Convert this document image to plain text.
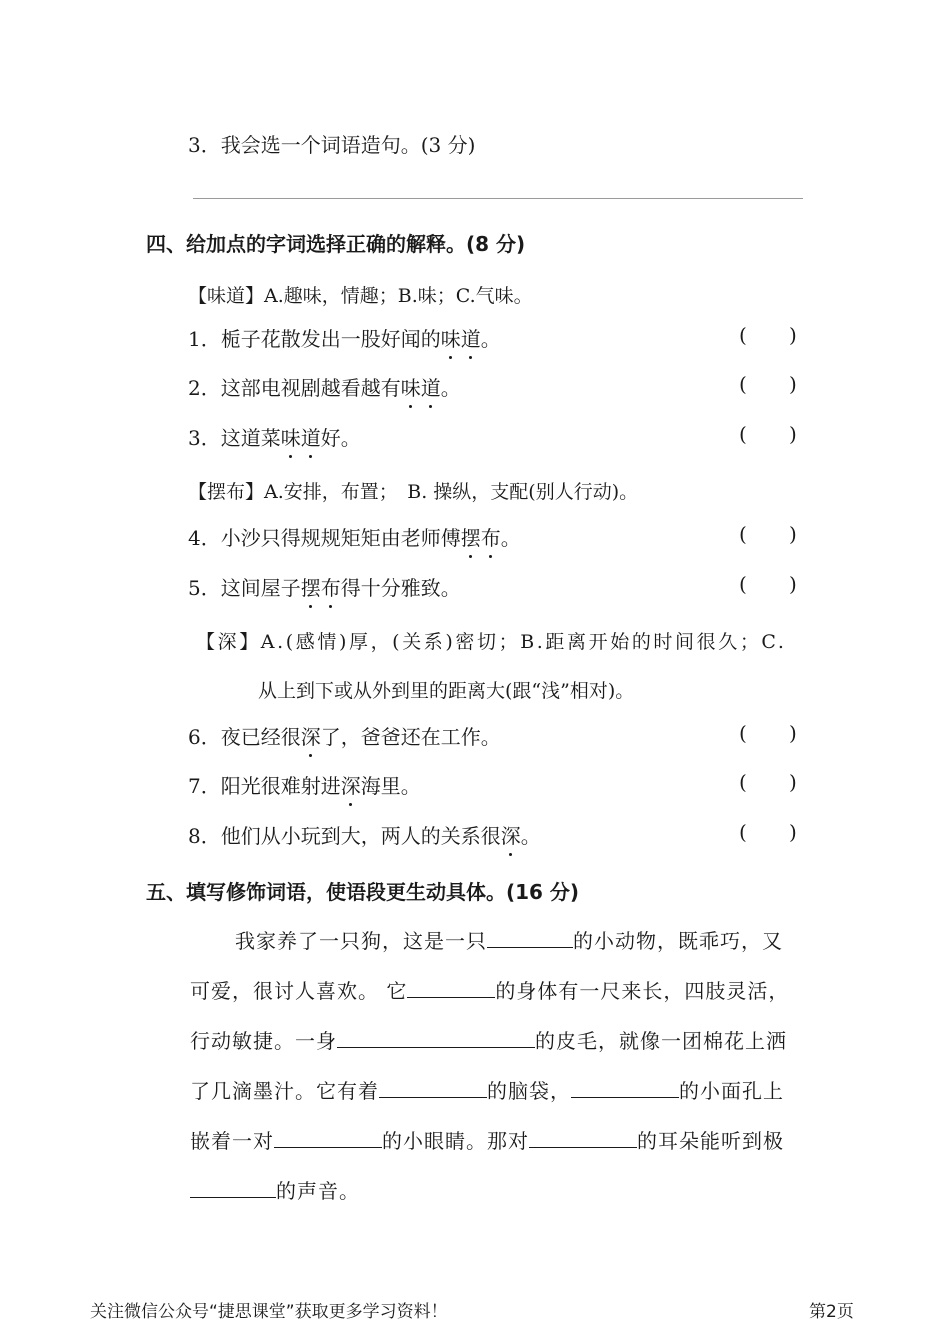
3．我会选一个词语造句。(3 分)
四、给加点的字词选择正确的解释。(8 分)
【味道】A.趣味，情趣；B.味；C.气味。
1．栀子花散发出一股好闻的味道。	( )
2．这部电视剧越看越有味道。	( )
3．这道菜味道好。	( )
【摆布】A.安排，布置；　B. 操纵，支配(别人行动)。
4．小沙只得规规矩矩由老师傅摆布。	( )
5．这间屋子摆布得十分雅致。	( )
【深】A.(感情)厚，(关系)密切；B.距离开始的时间很久；C.
从上到下或从外到里的距离大(跟“浅”相对)。
6．夜已经很深了，爸爸还在工作。	( )
7．阳光很难射进深海里。	( )
8．他们从小玩到大，两人的关系很深。	( )
五、填写修饰词语，使语段更生动具体。(16 分)
我家养了一只狗，这是一只	的小动物，既乖巧，又
可爱，很讨人喜欢。 它	的身体有一尺来长，四肢灵活，
行动敏捷。一身	的皮毛，就像一团棉花上洒
了几滴墨汁。它有着	的脑袋，	的小面孔上
嵌着一对	的小眼睛。那对	的耳朵能听到极
的声音。
关注微信公众号“捷思课堂”获取更多学习资料！	第2页
